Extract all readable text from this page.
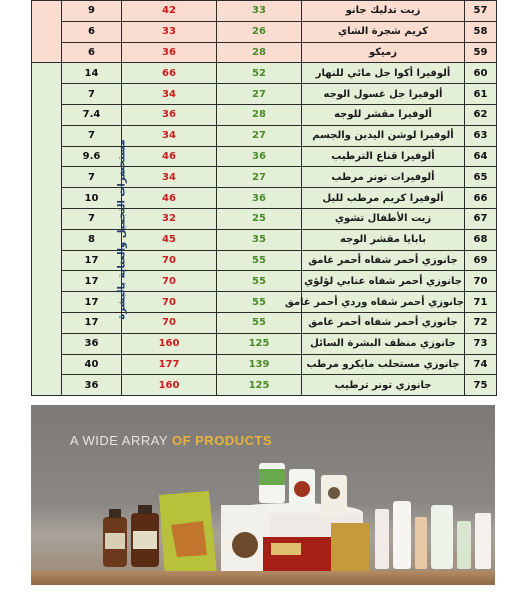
	9	42	33	زيت تدليك جانو	57
	6	33	26	كريم شجرة الشاي	58
	6	36	28	زميكو	59
مستحضرات التجميل والعناية بالبشرة	14	66	52	ألوفيرا أكوا جل مائي للنهار	60
	7	34	27	ألوفيرا جل غسول الوجه	61
	7.4	36	28	ألوفيرا مقشر للوجه	62
	7	34	27	ألوفيرا لوشن اليدين والجسم	63
	9.6	46	36	ألوفيرا قناع الترطيب	64
	7	34	27	ألوفيرات تونر مرطب	65
	10	46	36	ألوفيرا كريم مرطب لليل	66
	7	32	25	زيت الأطفال تشوي	67
	8	45	35	بابايا مقشر الوجه	68
	17	70	55	جانوزي أحمر شفاه أحمر غامق	69
	17	70	55	جانوزي أحمر شفاه عنابي لؤلؤي	70
	17	70	55	جانوزي أحمر شفاه وردي أحمر غامق	71
	17	70	55	جانوزي أحمر شفاه أحمر غامق	72
	36	160	125	جانوزي منظف البشرة السائل	73
	40	177	139	جانوزي مستحلب مايكرو مرطب	74
	36	160	125	جانوزي تونر ترطيب	75
A WIDE ARRAY OF PRODUCTS
